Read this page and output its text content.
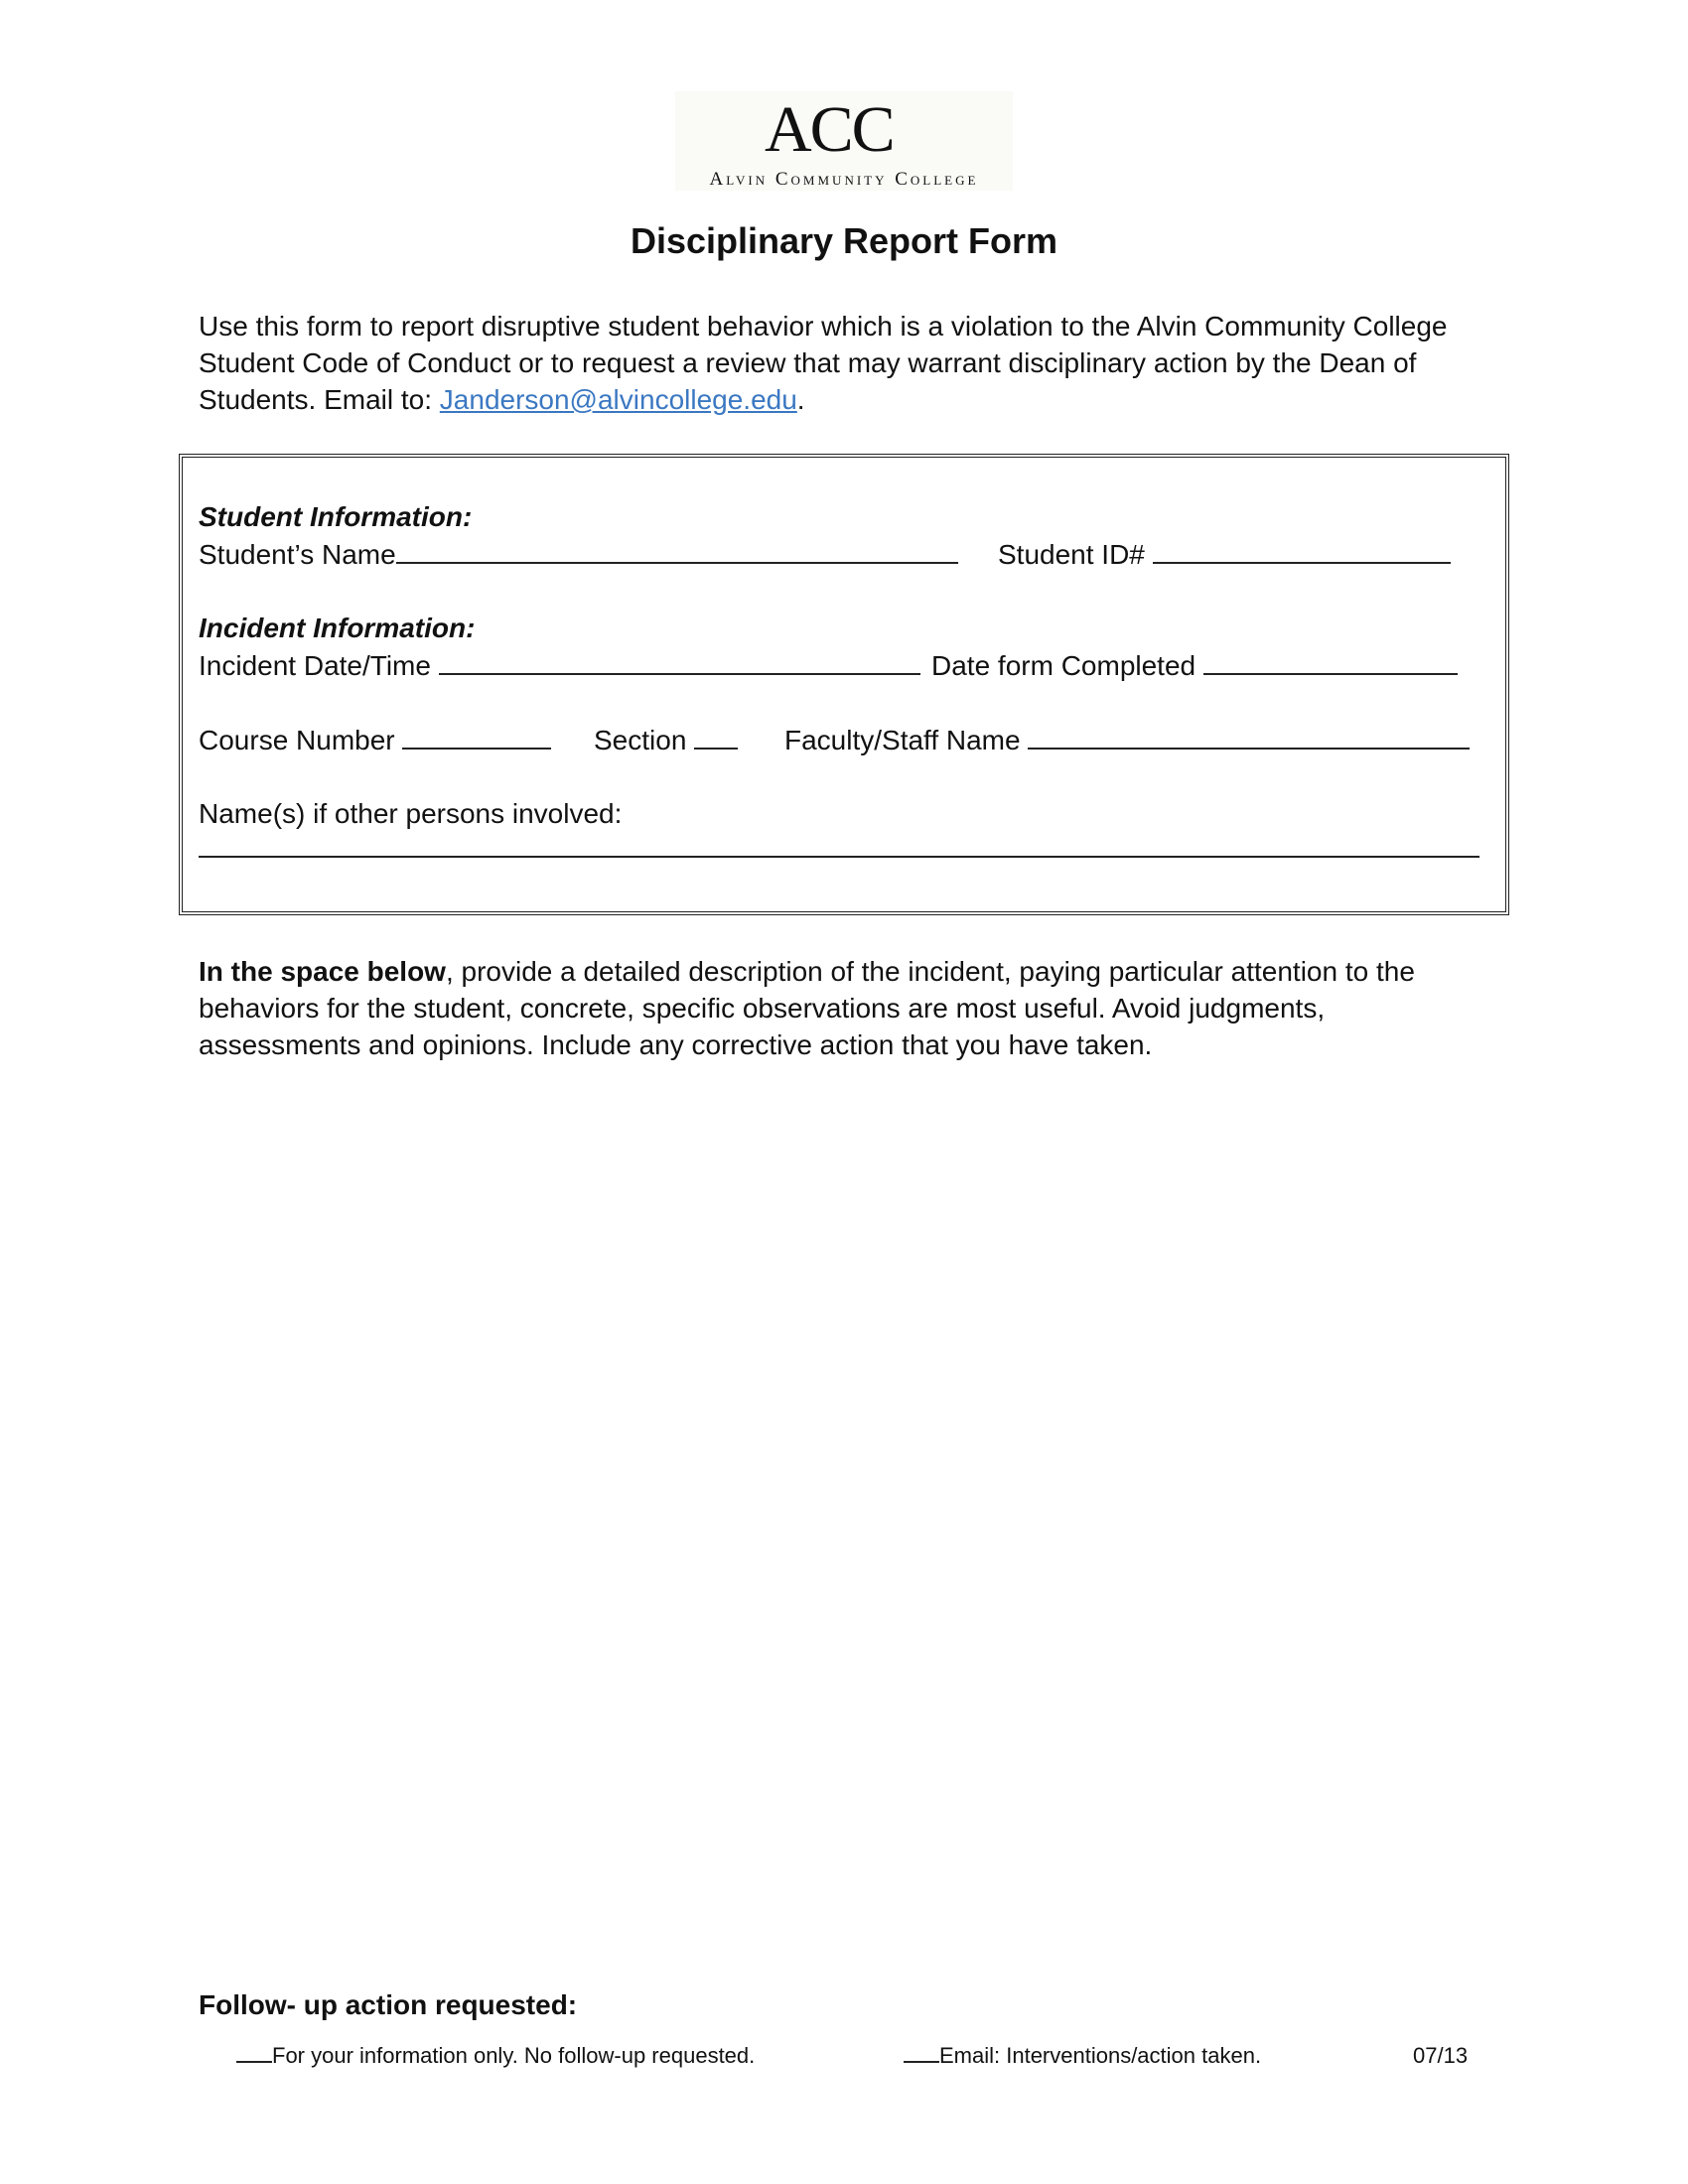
ACC
Alvin Community College
Disciplinary Report Form
Use this form to report disruptive student behavior which is a violation to the Alvin Community College Student Code of Conduct or to request a review that may warrant disciplinary action by the Dean of Students. Email to: Janderson@alvincollege.edu.
Student Information:
Student’s Name	Student ID#
Incident Information:
Incident Date/Time	Date form Completed
Course Number	Section	Faculty/Staff Name
Name(s) if other persons involved:
In the space below, provide a detailed description of the incident, paying particular attention to the behaviors for the student, concrete, specific observations are most useful. Avoid judgments, assessments and opinions. Include any corrective action that you have taken.
Follow- up action requested:
For your information only. No follow-up requested.	Email: Interventions/action taken.	07/13
